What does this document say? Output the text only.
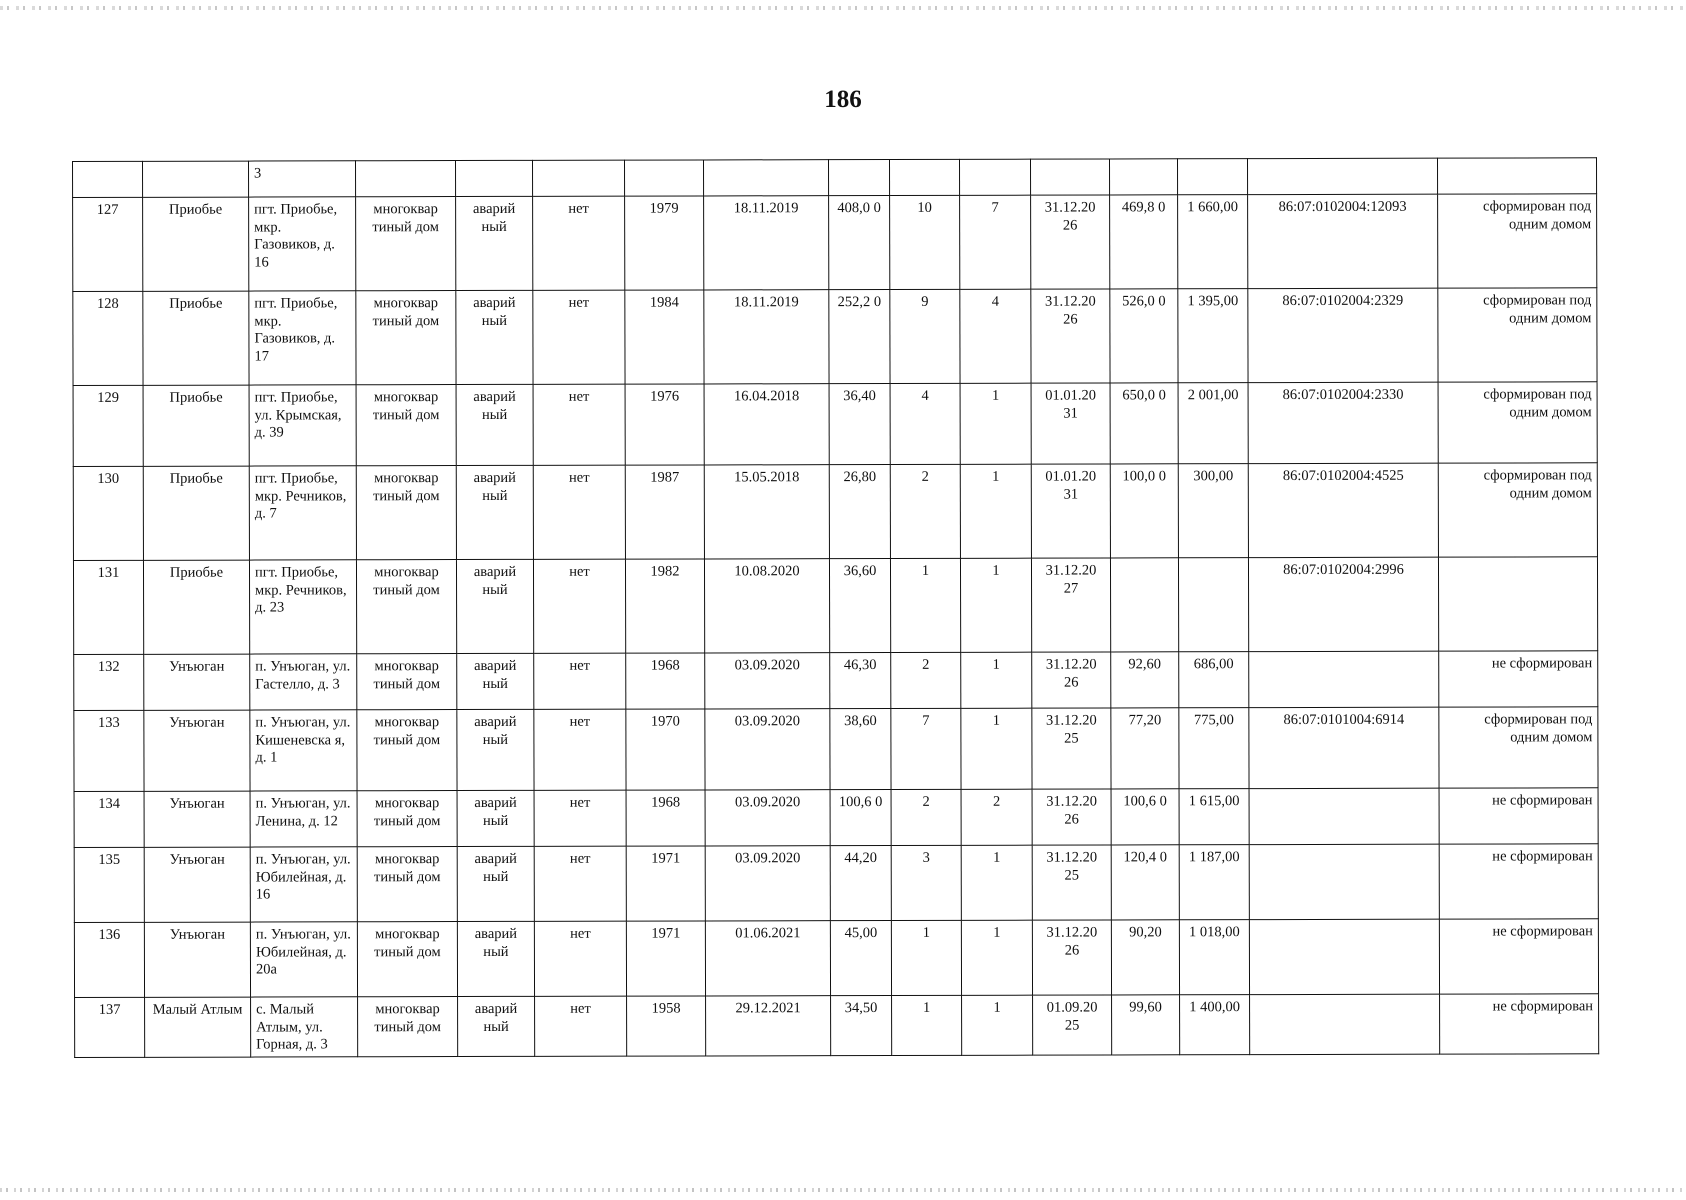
186
		3													
127	Приобье	пгт. Приобье, мкр. Газовиков, д. 16	многоквар тиный дом	аварий ный	нет	1979	18.11.2019	408,0 0	10	7	31.12.20 26	469,8 0	1 660,00	86:07:0102004:12093	сформирован под одним домом
128	Приобье	пгт. Приобье, мкр. Газовиков, д. 17	многоквар тиный дом	аварий ный	нет	1984	18.11.2019	252,2 0	9	4	31.12.20 26	526,0 0	1 395,00	86:07:0102004:2329	сформирован под одним домом
129	Приобье	пгт. Приобье, ул. Крымская, д. 39	многоквар тиный дом	аварий ный	нет	1976	16.04.2018	36,40	4	1	01.01.20 31	650,0 0	2 001,00	86:07:0102004:2330	сформирован под одним домом
130	Приобье	пгт. Приобье, мкр. Речников, д. 7	многоквар тиный дом	аварий ный	нет	1987	15.05.2018	26,80	2	1	01.01.20 31	100,0 0	300,00	86:07:0102004:4525	сформирован под одним домом
131	Приобье	пгт. Приобье, мкр. Речников, д. 23	многоквар тиный дом	аварий ный	нет	1982	10.08.2020	36,60	1	1	31.12.20 27			86:07:0102004:2996	
132	Унъюган	п. Унъюган, ул. Гастелло, д. 3	многоквар тиный дом	аварий ный	нет	1968	03.09.2020	46,30	2	1	31.12.20 26	92,60	686,00		не сформирован
133	Унъюган	п. Унъюган, ул. Кишеневска я, д. 1	многоквар тиный дом	аварий ный	нет	1970	03.09.2020	38,60	7	1	31.12.20 25	77,20	775,00	86:07:0101004:6914	сформирован под одним домом
134	Унъюган	п. Унъюган, ул. Ленина, д. 12	многоквар тиный дом	аварий ный	нет	1968	03.09.2020	100,6 0	2	2	31.12.20 26	100,6 0	1 615,00		не сформирован
135	Унъюган	п. Унъюган, ул. Юбилейная, д. 16	многоквар тиный дом	аварий ный	нет	1971	03.09.2020	44,20	3	1	31.12.20 25	120,4 0	1 187,00		не сформирован
136	Унъюган	п. Унъюган, ул. Юбилейная, д. 20а	многоквар тиный дом	аварий ный	нет	1971	01.06.2021	45,00	1	1	31.12.20 26	90,20	1 018,00		не сформирован
137	Малый Атлым	с. Малый Атлым, ул. Горная, д. 3	многоквар тиный дом	аварий ный	нет	1958	29.12.2021	34,50	1	1	01.09.20 25	99,60	1 400,00		не сформирован
